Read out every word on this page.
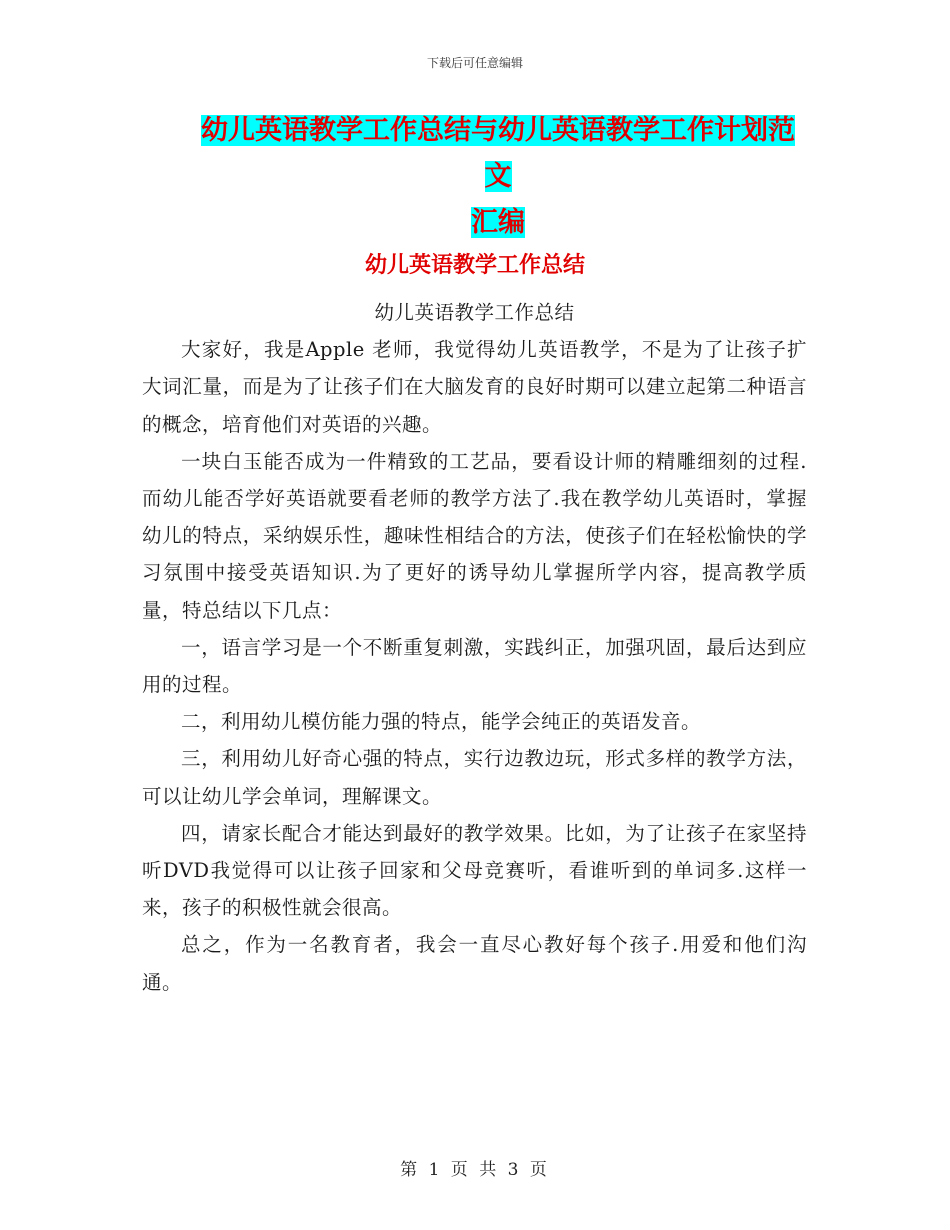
下载后可任意编辑
幼儿英语教学工作总结与幼儿英语教学工作计划范文
汇编
幼儿英语教学工作总结

幼儿英语教学工作总结

大家好，我是Apple 老师，我觉得幼儿英语教学，不是为了让孩子扩大词汇量，而是为了让孩子们在大脑发育的良好时期可以建立起第二种语言的概念，培育他们对英语的兴趣。

一块白玉能否成为一件精致的工艺品，要看设计师的精雕细刻的过程.而幼儿能否学好英语就要看老师的教学方法了.我在教学幼儿英语时，掌握幼儿的特点，采纳娱乐性，趣味性相结合的方法，使孩子们在轻松愉快的学习氛围中接受英语知识.为了更好的诱导幼儿掌握所学内容，提高教学质量，特总结以下几点：

一，语言学习是一个不断重复刺激，实践纠正，加强巩固，最后达到应用的过程。

二，利用幼儿模仿能力强的特点，能学会纯正的英语发音。

三，利用幼儿好奇心强的特点，实行边教边玩，形式多样的教学方法，可以让幼儿学会单词，理解课文。

四，请家长配合才能达到最好的教学效果。比如，为了让孩子在家坚持听DVD我觉得可以让孩子回家和父母竞赛听，看谁听到的单词多.这样一来，孩子的积极性就会很高。

总之，作为一名教育者，我会一直尽心教好每个孩子.用爱和他们沟通。

第 1 页 共 3 页
